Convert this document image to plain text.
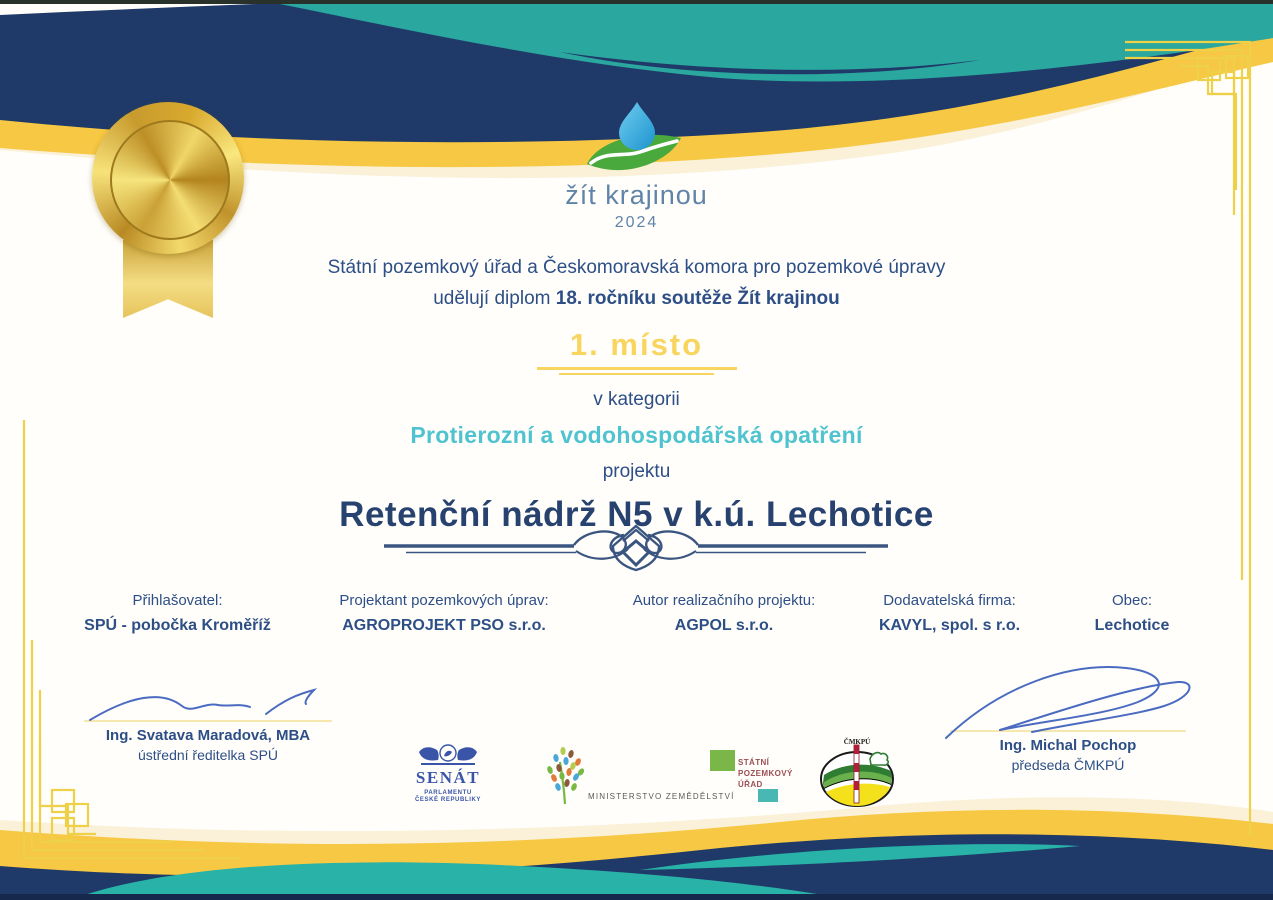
žít krajinou
2024
Státní pozemkový úřad a Českomoravská komora pro pozemkové úpravy
udělují diplom 18. ročníku soutěže Žít krajinou
1. místo
v kategorii
Protierozní a vodohospodářská opatření
projektu
Retenční nádrž N5 v k.ú. Lechotice
Přihlašovatel:
SPÚ - pobočka Kroměříž
Projektant pozemkových úprav:
AGROPROJEKT PSO s.r.o.
Autor realizačního projektu:
AGPOL s.r.o.
Dodavatelská firma:
KAVYL, spol. s r.o.
Obec:
Lechotice
Ing. Svatava Maradová, MBA
ústřední ředitelka SPÚ
Ing. Michal Pochop
předseda ČMKPÚ
SENÁT
PARLAMENTU
ČESKÉ REPUBLIKY	MINISTERSTVO ZEMĚDĚLSTVÍ
STÁTNÍ
POZEMKOVÝ
ÚŘAD
ČMKPÚ
